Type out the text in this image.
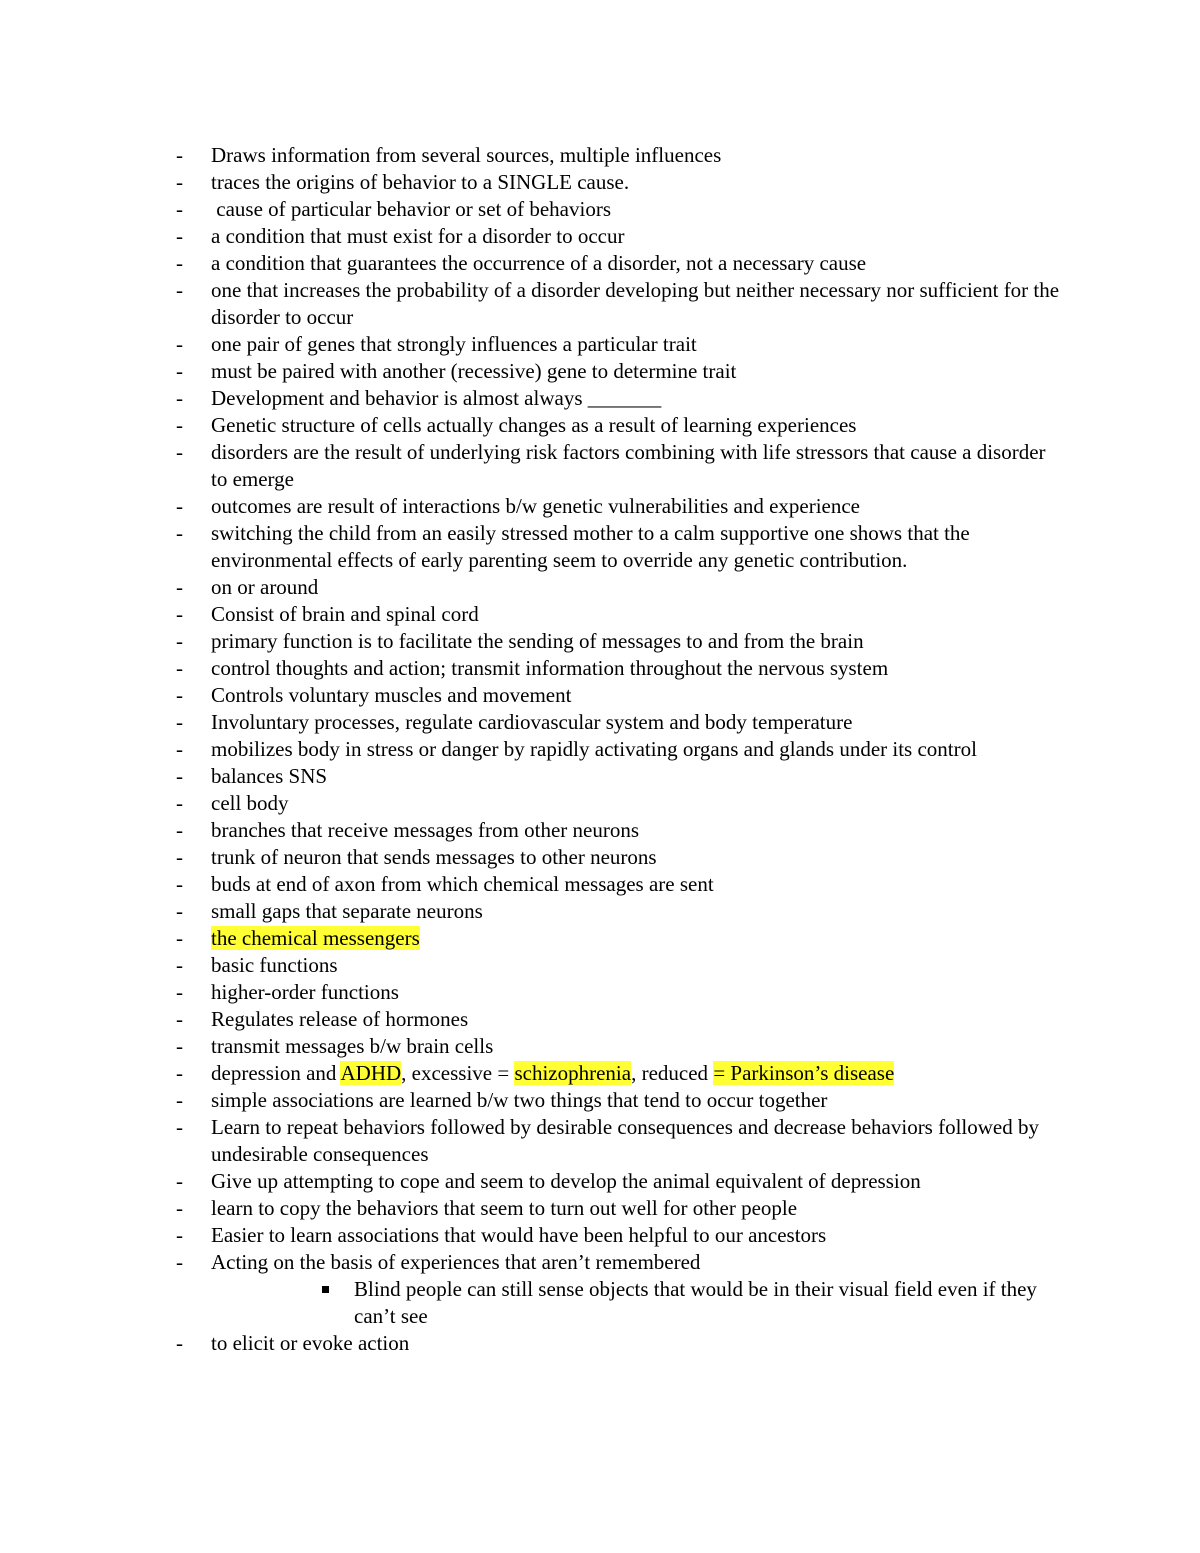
-	Draws information from several sources, multiple influences
-	traces the origins of behavior to a SINGLE cause.
-	cause of particular behavior or set of behaviors
-	a condition that must exist for a disorder to occur
-	a condition that guarantees the occurrence of a disorder, not a necessary cause
-	one that increases the probability of a disorder developing but neither necessary nor sufficient for the disorder to occur
-	one pair of genes that strongly influences a particular trait
-	must be paired with another (recessive) gene to determine trait
-	Development and behavior is almost always _______
-	Genetic structure of cells actually changes as a result of learning experiences
-	disorders are the result of underlying risk factors combining with life stressors that cause a disorder to emerge
-	outcomes are result of interactions b/w genetic vulnerabilities and experience
-	switching the child from an easily stressed mother to a calm supportive one shows that the environmental effects of early parenting seem to override any genetic contribution.
-	on or around
-	Consist of brain and spinal cord
-	primary function is to facilitate the sending of messages to and from the brain
-	control thoughts and action; transmit information throughout the nervous system
-	Controls voluntary muscles and movement
-	Involuntary processes, regulate cardiovascular system and body temperature
-	mobilizes body in stress or danger by rapidly activating organs and glands under its control
-	balances SNS
-	cell body
-	branches that receive messages from other neurons
-	trunk of neuron that sends messages to other neurons
-	buds at end of axon from which chemical messages are sent
-	small gaps that separate neurons
-	the chemical messengers
-	basic functions
-	higher-order functions
-	Regulates release of hormones
-	transmit messages b/w brain cells
-	depression and ADHD, excessive = schizophrenia, reduced = Parkinson’s disease
-	simple associations are learned b/w two things that tend to occur together
-	Learn to repeat behaviors followed by desirable consequences and decrease behaviors followed by undesirable consequences
-	Give up attempting to cope and seem to develop the animal equivalent of depression
-	learn to copy the behaviors that seem to turn out well for other people
-	Easier to learn associations that would have been helpful to our ancestors
-	Acting on the basis of experiences that aren’t remembered
Blind people can still sense objects that would be in their visual field even if they can’t see
-	to elicit or evoke action
